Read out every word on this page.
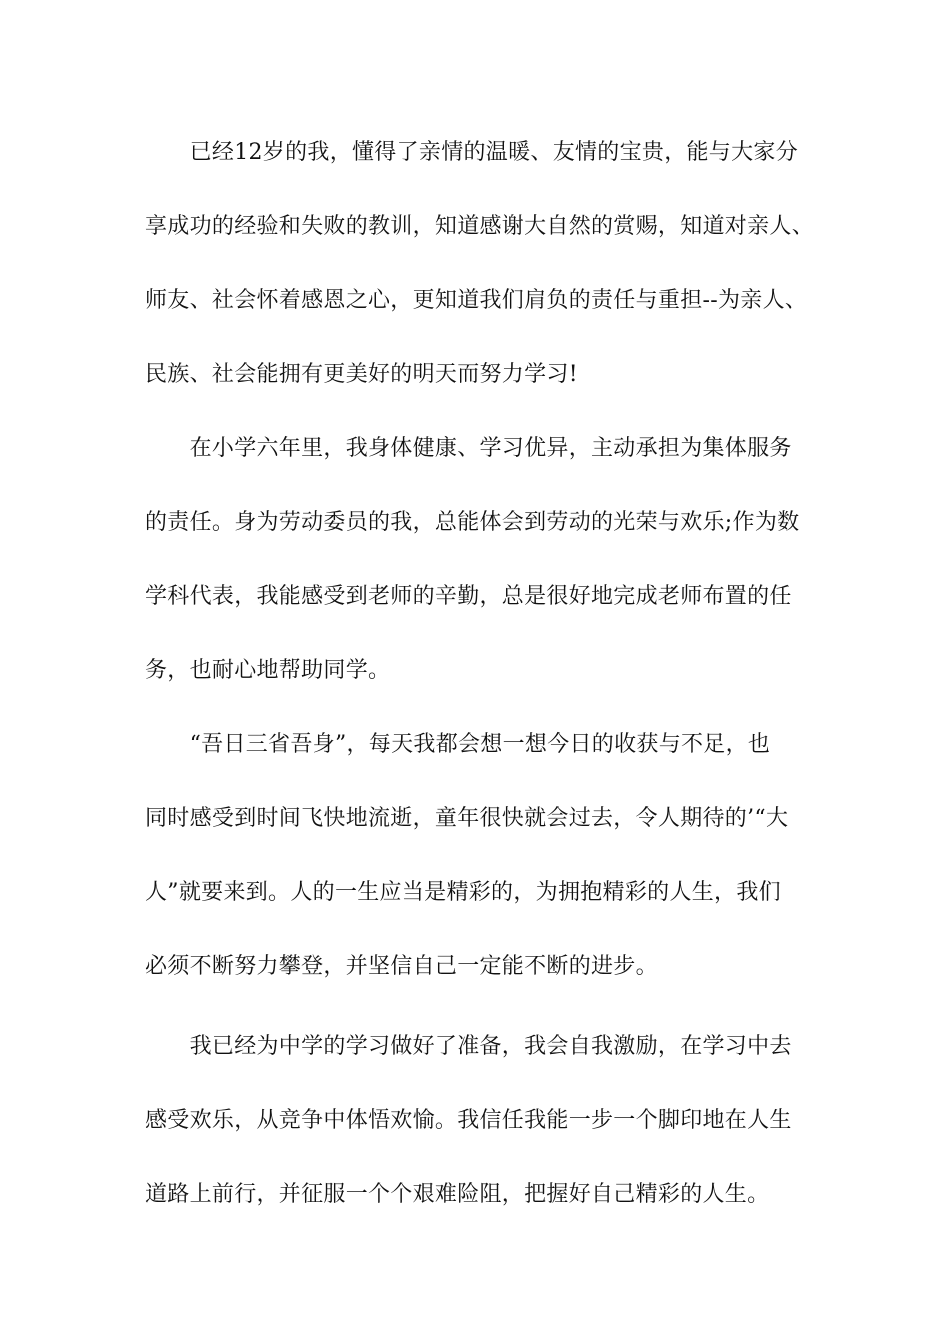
　　已经12岁的我，懂得了亲情的温暖、友情的宝贵，能与大家分

享成功的经验和失败的教训，知道感谢大自然的赏赐，知道对亲人、

师友、社会怀着感恩之心，更知道我们肩负的责任与重担--为亲人、

民族、社会能拥有更美好的明天而努力学习!

　　在小学六年里，我身体健康、学习优异，主动承担为集体服务

的责任。身为劳动委员的我，总能体会到劳动的光荣与欢乐;作为数

学科代表，我能感受到老师的辛勤，总是很好地完成老师布置的任

务，也耐心地帮助同学。

　　“吾日三省吾身”，每天我都会想一想今日的收获与不足，也

同时感受到时间飞快地流逝，童年很快就会过去，令人期待的’“大

人”就要来到。人的一生应当是精彩的，为拥抱精彩的人生，我们

必须不断努力攀登，并坚信自己一定能不断的进步。

　　我已经为中学的学习做好了准备，我会自我激励，在学习中去

感受欢乐，从竞争中体悟欢愉。我信任我能一步一个脚印地在人生

道路上前行，并征服一个个艰难险阻，把握好自己精彩的人生。
